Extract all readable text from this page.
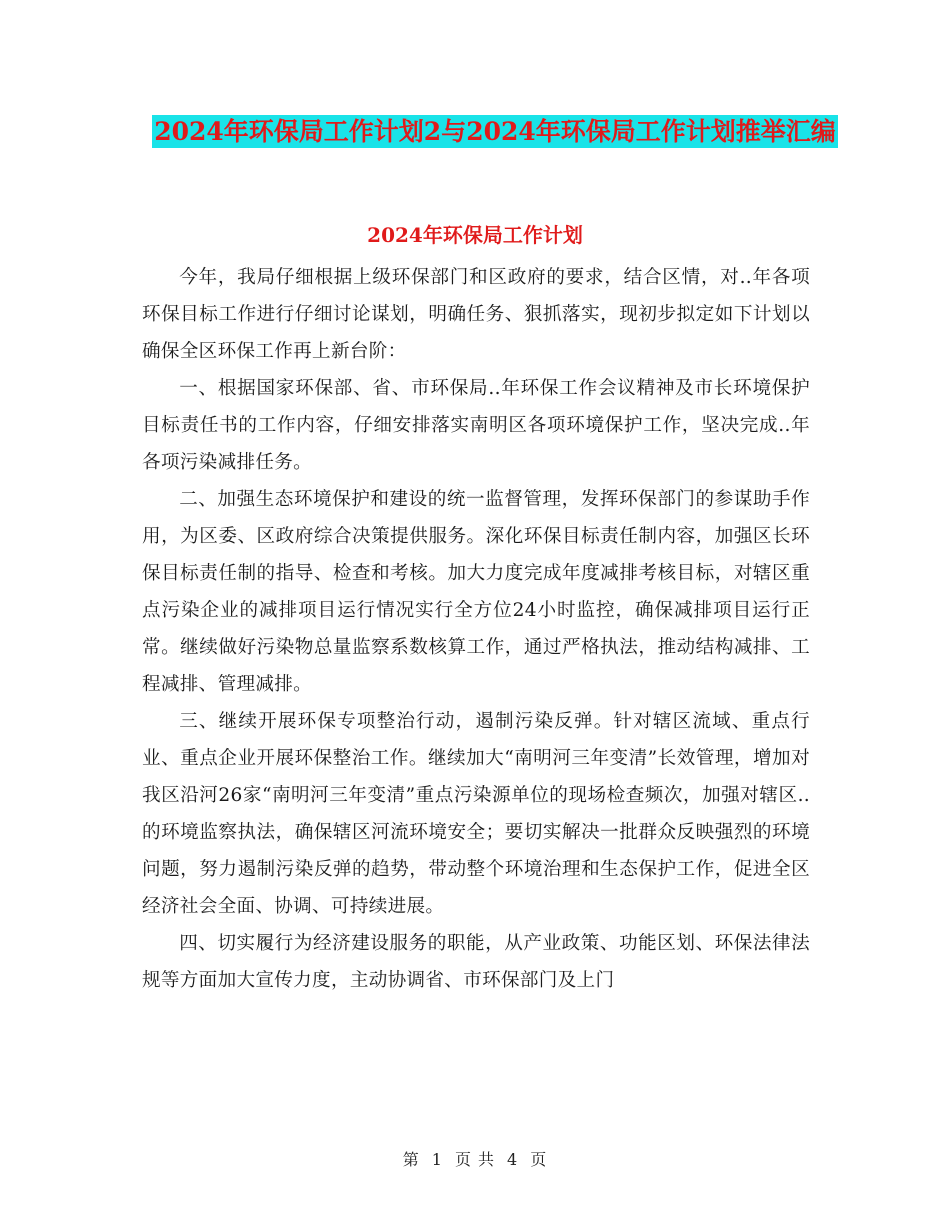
2024年环保局工作计划2与2024年环保局工作计划推举汇编
2024年环保局工作计划

今年，我局仔细根据上级环保部门和区政府的要求，结合区情，对..年各项环保目标工作进行仔细讨论谋划，明确任务、狠抓落实，现初步拟定如下计划以确保全区环保工作再上新台阶：

一、根据国家环保部、省、市环保局..年环保工作会议精神及市长环境保护目标责任书的工作内容，仔细安排落实南明区各项环境保护工作，坚决完成..年各项污染减排任务。

二、加强生态环境保护和建设的统一监督管理，发挥环保部门的参谋助手作用，为区委、区政府综合决策提供服务。深化环保目标责任制内容，加强区长环保目标责任制的指导、检查和考核。加大力度完成年度减排考核目标，对辖区重点污染企业的减排项目运行情况实行全方位24小时监控，确保减排项目运行正常。继续做好污染物总量监察系数核算工作，通过严格执法，推动结构减排、工程减排、管理减排。

三、继续开展环保专项整治行动，遏制污染反弹。针对辖区流域、重点行业、重点企业开展环保整治工作。继续加大“南明河三年变清”长效管理，增加对我区沿河26家“南明河三年变清”重点污染源单位的现场检查频次，加强对辖区..的环境监察执法，确保辖区河流环境安全；要切实解决一批群众反映强烈的环境问题，努力遏制污染反弹的趋势，带动整个环境治理和生态保护工作，促进全区经济社会全面、协调、可持续进展。

四、切实履行为经济建设服务的职能，从产业政策、功能区划、环保法律法规等方面加大宣传力度，主动协调省、市环保部门及上门

第 1 页 共 4 页
